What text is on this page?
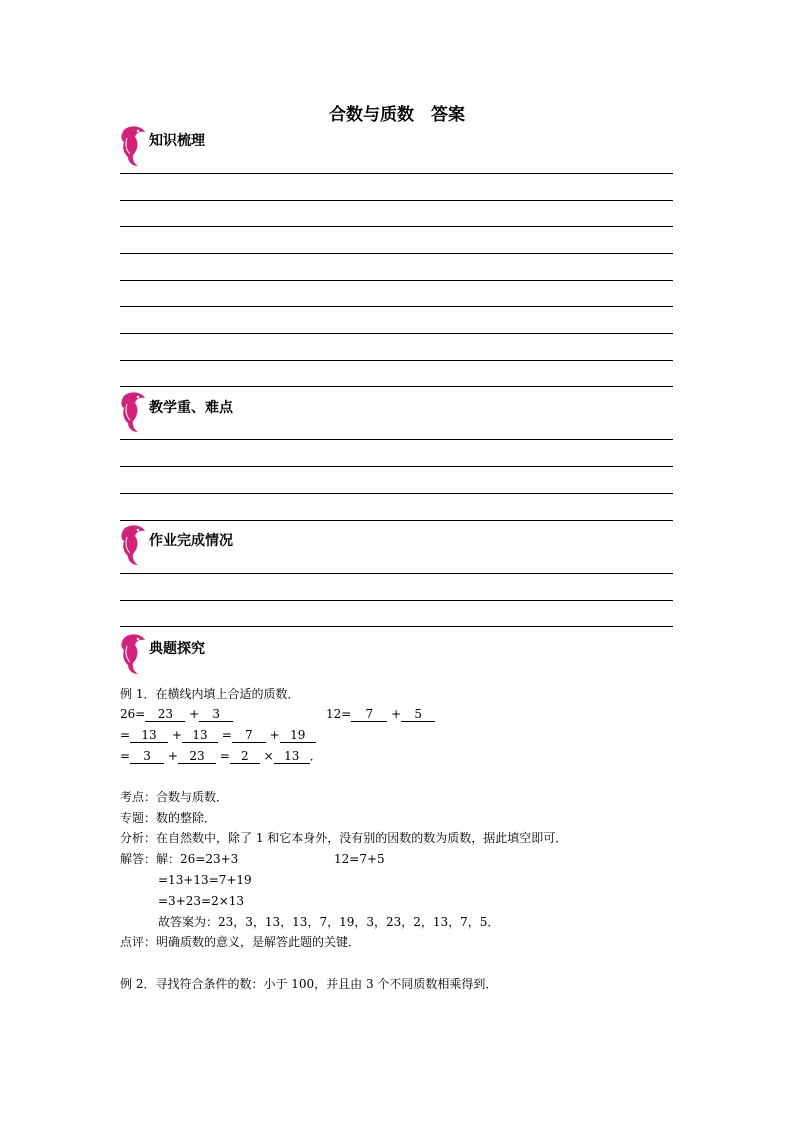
合数与质数　答案
知识梳理
教学重、难点
作业完成情况
典题探究
例 1．在横线内填上合适的质数．
26= 23 + 3	12= 7 + 5
= 13 + 13 = 7 + 19
= 3 + 23 = 2 × 13 ．
考点：合数与质数．
专题：数的整除．
分析：在自然数中，除了 1 和它本身外，没有别的因数的数为质数，据此填空即可．
解答：解：26=23+3	12=7+5
=13+13=7+19
=3+23=2×13
故答案为：23，3，13，13，7，19，3，23，2，13，7，5．
点评：明确质数的意义，是解答此题的关键．
例 2．寻找符合条件的数：小于 100，并且由 3 个不同质数相乘得到．
